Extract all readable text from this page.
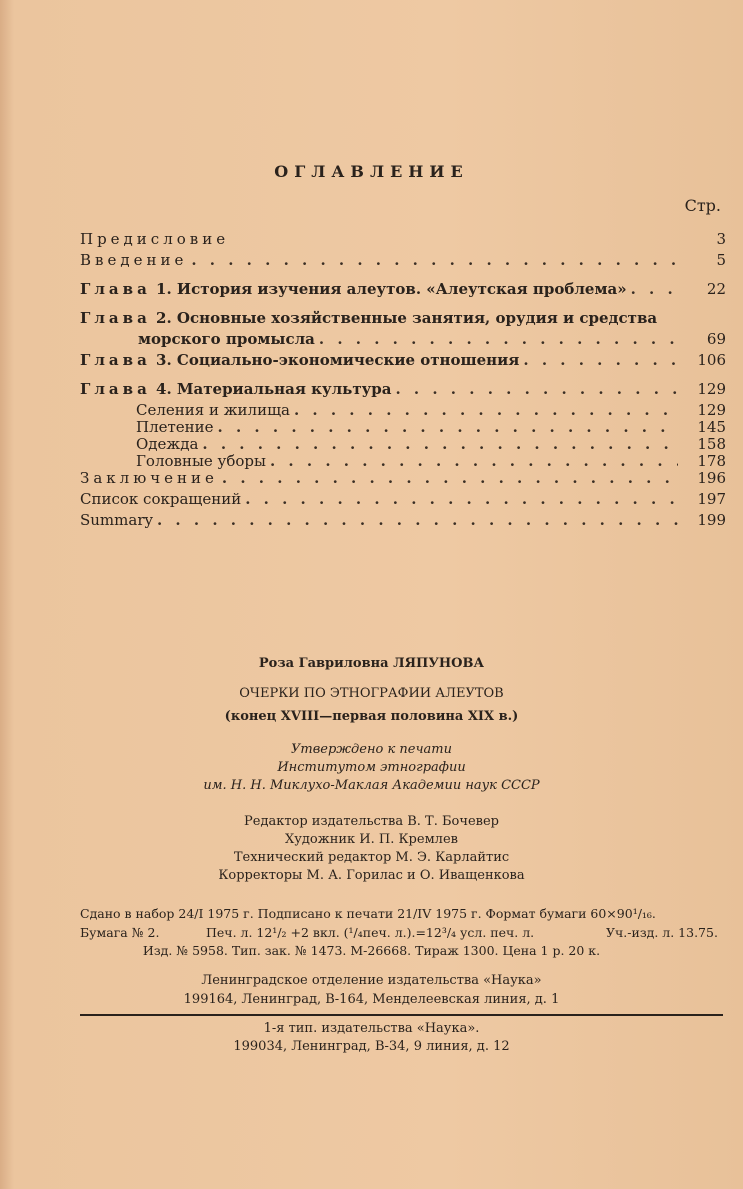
ОГЛАВЛЕНИЕ
Стр.
Предисловие	3
Введение . . .	5
Глава 1. История изучения алеутов. «Алеутская проблема» . . .	22
Глава 2. Основные хозяйственные занятия, орудия и средства
морского промысла . . .	69
Глава 3. Социально-экономические отношения . . .	106
Глава 4. Материальная культура . . .	129
Селения и жилища . . .	129
Плетение . . .	145
Одежда . . .	158
Головные уборы . . .	178
Заключение . . .	196
Список сокращений . . .	197
Summary . . .	199
Роза Гавриловна ЛЯПУНОВА
ОЧЕРКИ ПО ЭТНОГРАФИИ АЛЕУТОВ
(конец XVIII—первая половина XIX в.)
Утверждено к печати
Институтом этнографии
им. Н. Н. Миклухо-Маклая Академии наук СССР
Редактор издательства В. Т. Бочевер
Художник И. П. Кремлев
Технический редактор М. Э. Карлайтис
Корректоры М. А. Горилас и О. Иващенкова
Сдано в набор 24/I 1975 г. Подписано к печати 21/IV 1975 г. Формат бумаги 60×90¹/₁₆.
Бумага № 2.	Печ. л. 12¹/₂ +2 вкл. (¹/₄печ. л.).=12³/₄ усл. печ. л.	Уч.-изд. л. 13.75.
Изд. № 5958. Тип. зак. № 1473. М-26668. Тираж 1300. Цена 1 р. 20 к.
Ленинградское отделение издательства «Наука»
199164, Ленинград, В-164, Менделеевская линия, д. 1
1-я тип. издательства «Наука».
199034, Ленинград, В-34, 9 линия, д. 12
